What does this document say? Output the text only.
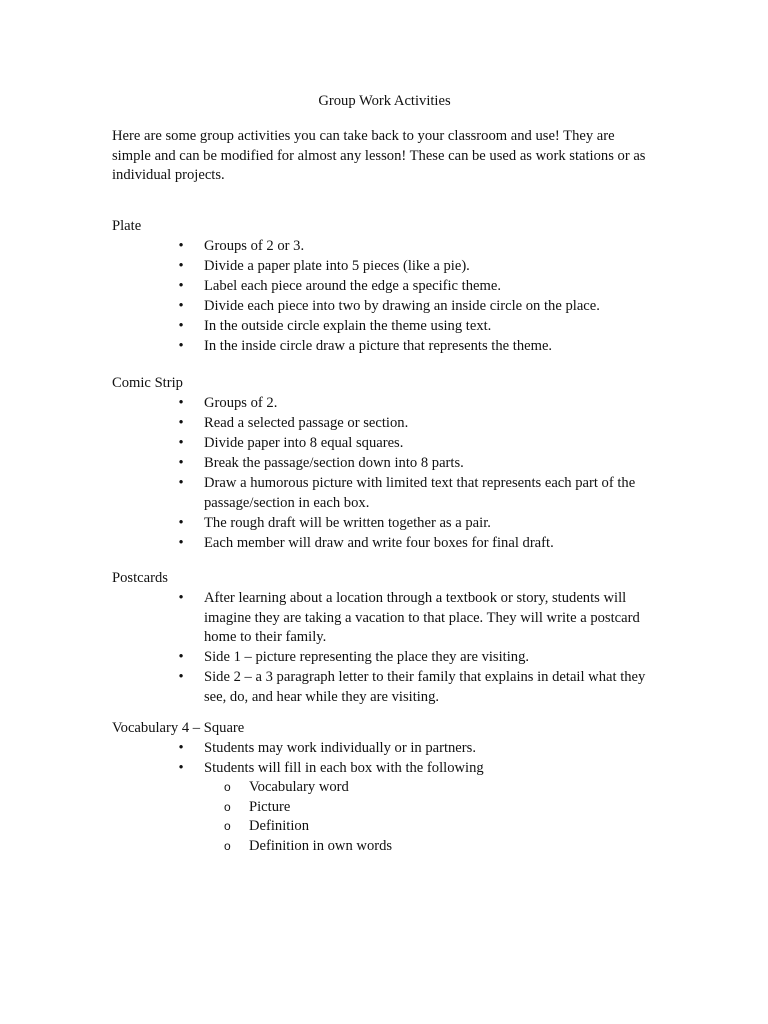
Group Work Activities

Here are some group activities you can take back to your classroom and use! They are simple and can be modified for almost any lesson! These can be used as work stations or as individual projects.

Plate

• Groups of 2 or 3.
• Divide a paper plate into 5 pieces (like a pie).
• Label each piece around the edge a specific theme.
• Divide each piece into two by drawing an inside circle on the place.
• In the outside circle explain the theme using text.
• In the inside circle draw a picture that represents the theme.

Comic Strip

• Groups of 2.
• Read a selected passage or section.
• Divide paper into 8 equal squares.
• Break the passage/section down into 8 parts.
• Draw a humorous picture with limited text that represents each part of the passage/section in each box.
• The rough draft will be written together as a pair.
• Each member will draw and write four boxes for final draft.

Postcards

• After learning about a location through a textbook or story, students will imagine they are taking a vacation to that place. They will write a postcard home to their family.
• Side 1 – picture representing the place they are visiting.
• Side 2 – a 3 paragraph letter to their family that explains in detail what they see, do, and hear while they are visiting.

Vocabulary 4 – Square

• Students may work individually or in partners.
• Students will fill in each box with the following
o Vocabulary word
o Picture
o Definition
o Definition in own words
